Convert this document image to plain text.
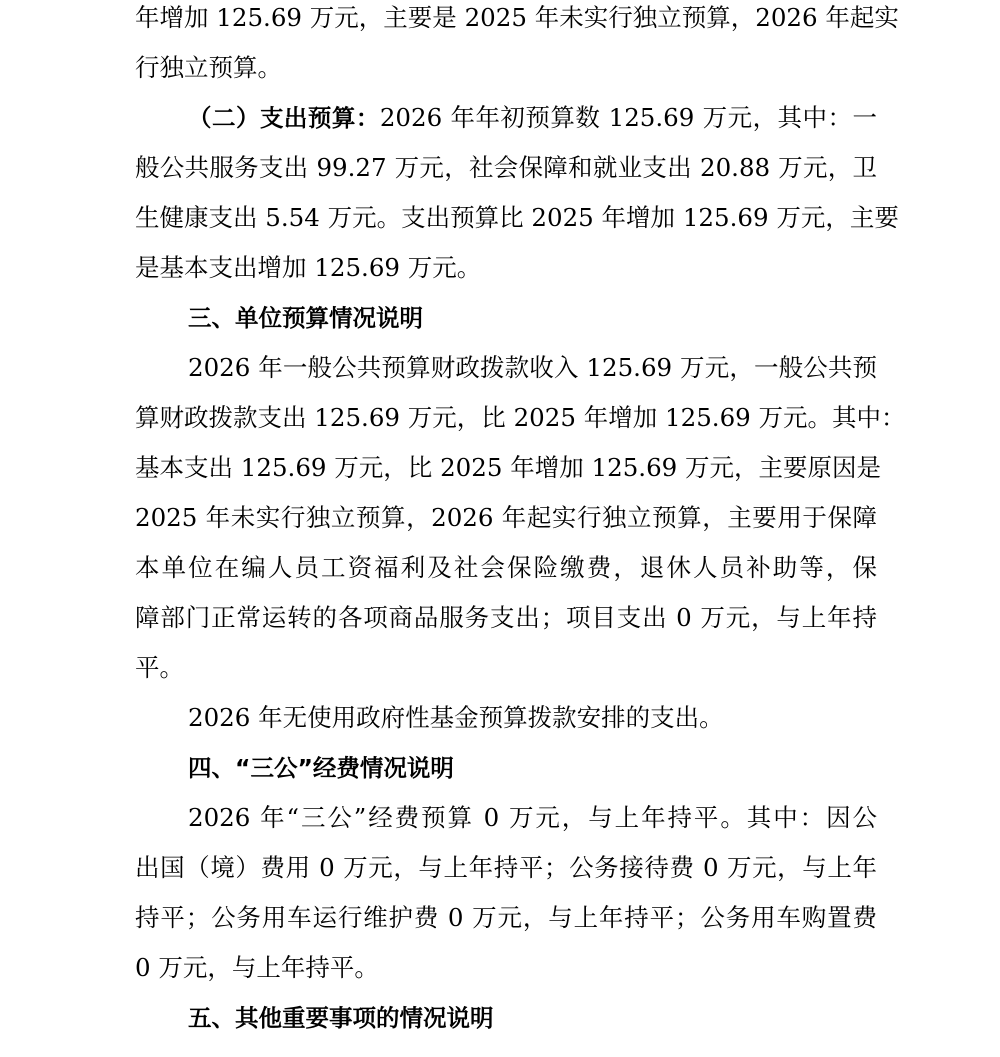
年增加 125.69 万元，主要是 2025 年未实行独立预算，2026 年起实
行独立预算。
（二）支出预算：2026 年年初预算数 125.69 万元，其中：一
般公共服务支出 99.27 万元，社会保障和就业支出 20.88 万元，卫
生健康支出 5.54 万元。支出预算比 2025 年增加 125.69 万元，主要
是基本支出增加 125.69 万元。
三、单位预算情况说明
2026 年一般公共预算财政拨款收入 125.69 万元，一般公共预
算财政拨款支出 125.69 万元，比 2025 年增加 125.69 万元。其中：
基本支出 125.69 万元，比 2025 年增加 125.69 万元，主要原因是
2025 年未实行独立预算，2026 年起实行独立预算，主要用于保障
本单位在编人员工资福利及社会保险缴费，退休人员补助等，保
障部门正常运转的各项商品服务支出；项目支出 0 万元，与上年持
平。
2026 年无使用政府性基金预算拨款安排的支出。
四、“三公”经费情况说明
2026 年“三公”经费预算 0 万元，与上年持平。其中：因公
出国（境）费用 0 万元，与上年持平；公务接待费 0 万元，与上年
持平；公务用车运行维护费 0 万元，与上年持平；公务用车购置费
0 万元，与上年持平。
五、其他重要事项的情况说明
